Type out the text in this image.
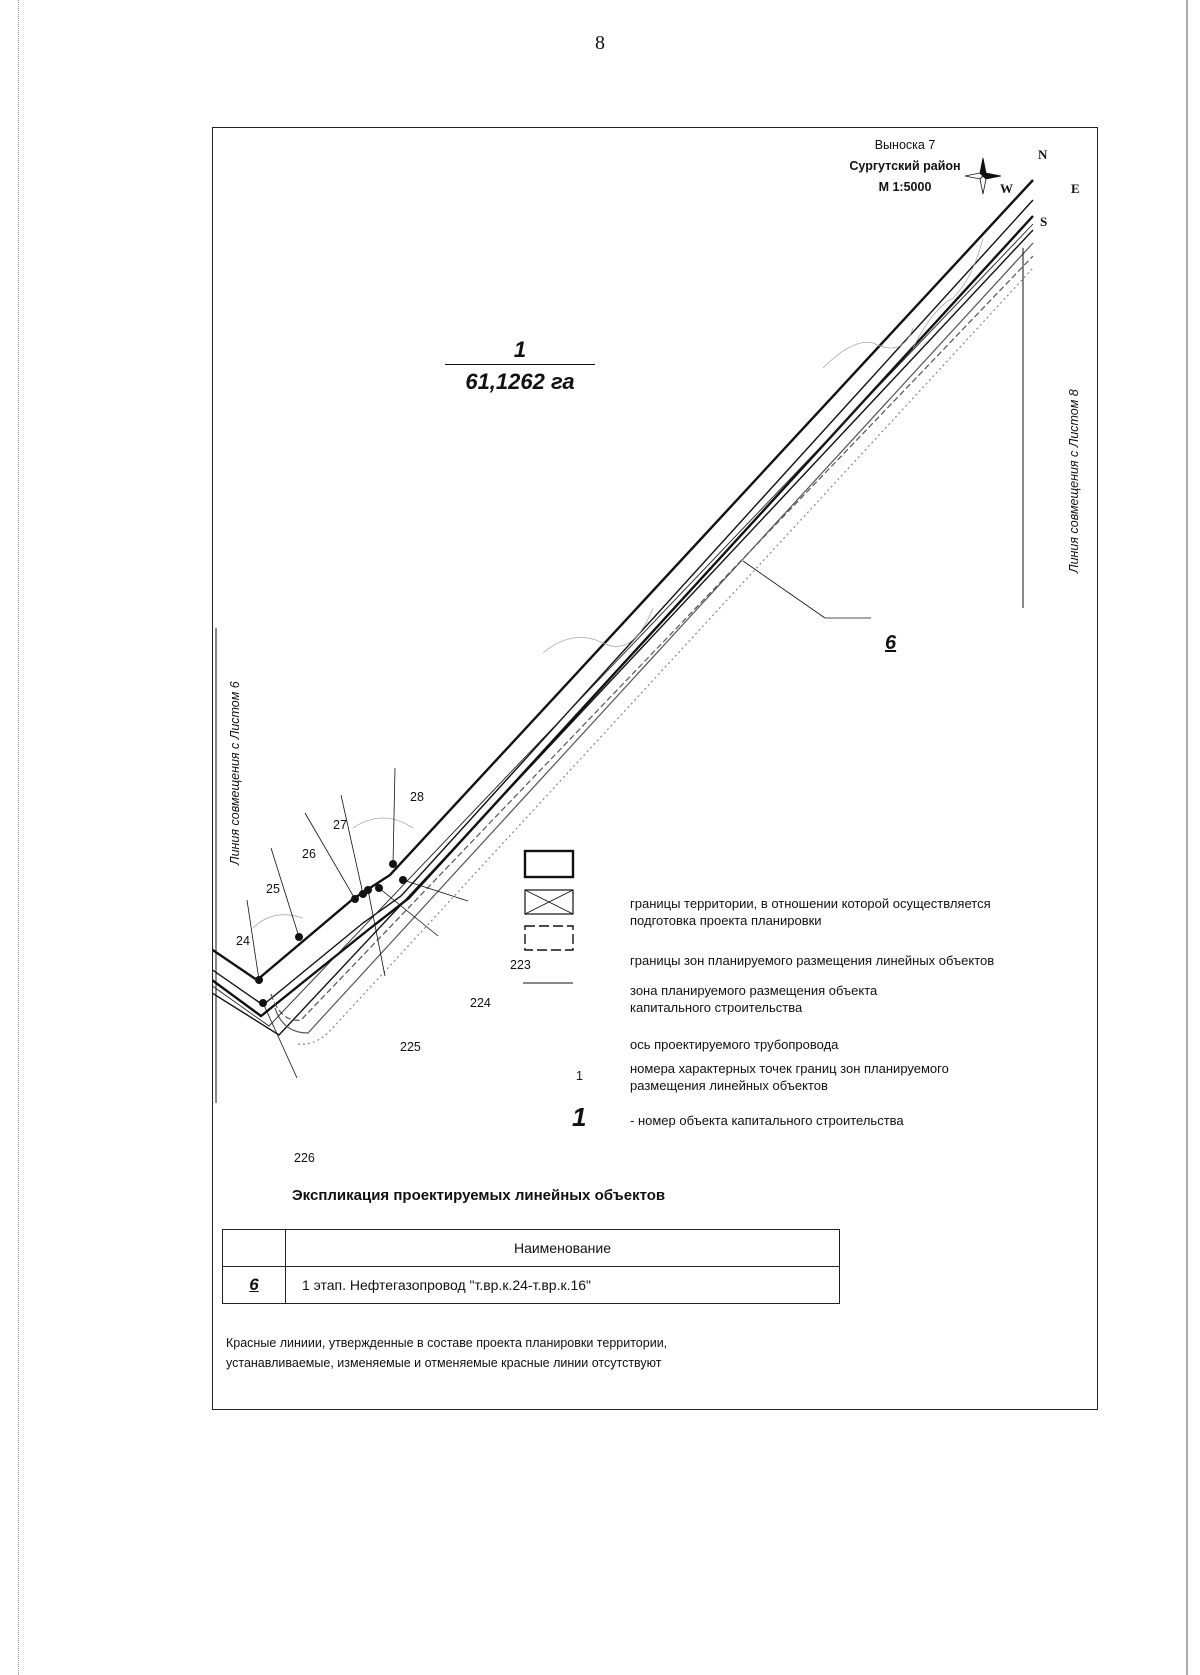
8
Выноска 7
Сургутский район
М 1:5000
N
S
E
W
1
61,1262 га
Линия совмещения с Листом 6
Линия совмещения с Листом 8
24
25
26
27
28
223
224
225
226
6
границы территории, в отношении которой осуществляется подготовка проекта планировки
границы зон планируемого размещения линейных объектов
зона планируемого размещения объекта капитального строительства
ось проектируемого трубопровода
1	номера характерных точек границ зон планируемого размещения линейных объектов
1	- номер объекта капитального строительства
Экспликация проектируемых линейных объектов
	Наименование
6	1 этап. Нефтегазопровод "т.вр.к.24-т.вр.к.16"
Красные линиии, утвержденные в составе проекта планировки территории,
устанавливаемые, изменяемые и отменяемые красные линии отсутствуют
